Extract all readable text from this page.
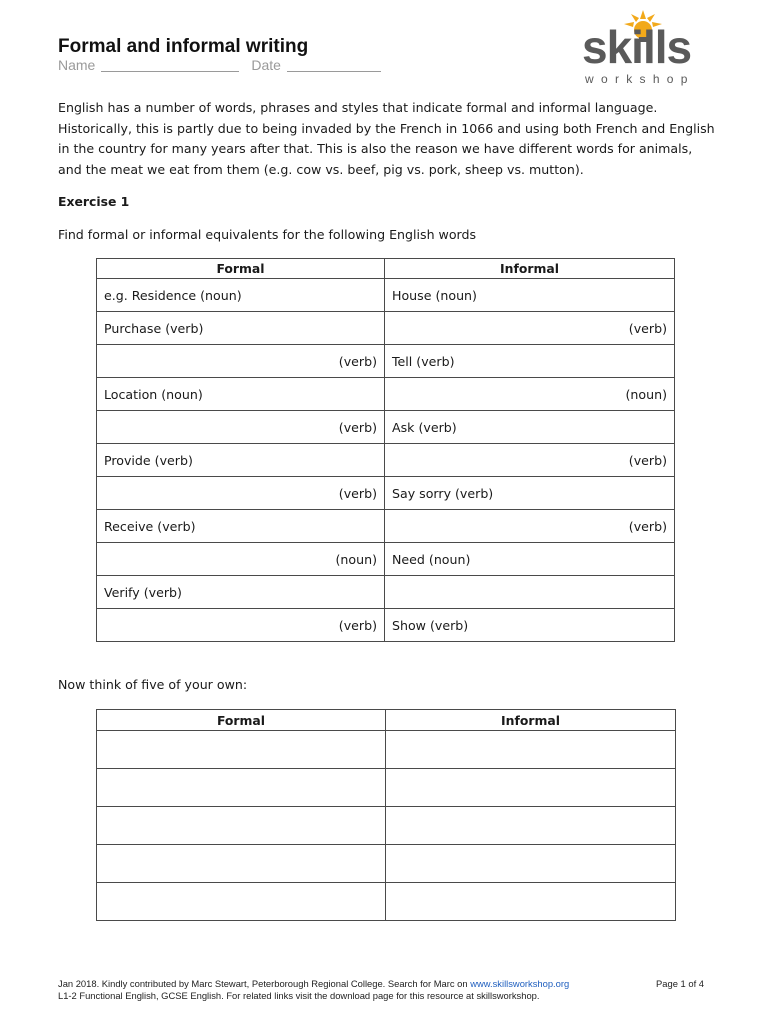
Formal and informal writing
Name	Date	skills
workshop
English has a number of words, phrases and styles that indicate formal and informal language. Historically, this is partly due to being invaded by the French in 1066 and using both French and English in the country for many years after that. This is also the reason we have different words for animals, and the meat we eat from them (e.g. cow vs. beef, pig vs. pork, sheep vs. mutton).
Exercise 1
Find formal or informal equivalents for the following English words
Formal	Informal
e.g. Residence (noun)	House (noun)
Purchase (verb)	(verb)
(verb)	Tell (verb)
Location (noun)	(noun)
(verb)	Ask (verb)
Provide (verb)	(verb)
(verb)	Say sorry (verb)
Receive (verb)	(verb)
(noun)	Need (noun)
Verify (verb)	
(verb)	Show (verb)
Now think of five of your own:
Formal	Informal

Jan 2018. Kindly contributed by Marc Stewart, Peterborough Regional College. Search for Marc on www.skillsworkshop.org
L1-2 Functional English, GCSE English. For related links visit the download page for this resource at skillsworkshop.
Page 1 of 4
